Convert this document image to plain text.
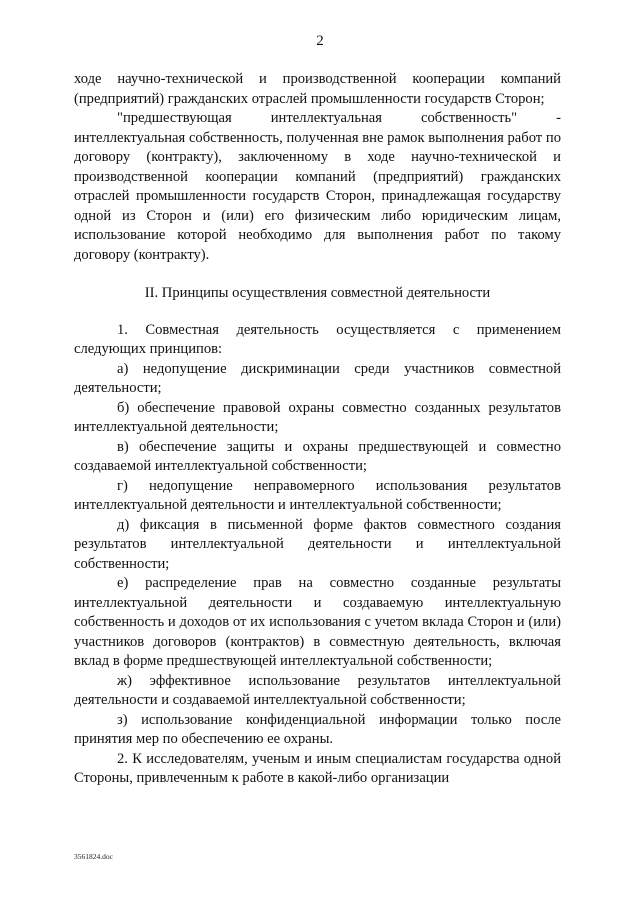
2

ходе научно-технической и производственной кооперации компаний (предприятий) гражданских отраслей промышленности государств Сторон;

"предшествующая интеллектуальная собственность" - интеллектуальная собственность, полученная вне рамок выполнения работ по договору (контракту), заключенному в ходе научно-технической и производственной кооперации компаний (предприятий) гражданских отраслей промышленности государств Сторон, принадлежащая государству одной из Сторон и (или) его физическим либо юридическим лицам, использование которой необходимо для выполнения работ по такому договору (контракту).

II. Принципы осуществления совместной деятельности

1. Совместная деятельность осуществляется с применением следующих принципов:

а) недопущение дискриминации среди участников совместной деятельности;

б) обеспечение правовой охраны совместно созданных результатов интеллектуальной деятельности;

в) обеспечение защиты и охраны предшествующей и совместно создаваемой интеллектуальной собственности;

г) недопущение неправомерного использования результатов интеллектуальной деятельности и интеллектуальной собственности;

д) фиксация в письменной форме фактов совместного создания результатов интеллектуальной деятельности и интеллектуальной собственности;

е) распределение прав на совместно созданные результаты интеллектуальной деятельности и создаваемую интеллектуальную собственность и доходов от их использования с учетом вклада Сторон и (или) участников договоров (контрактов) в совместную деятельность, включая вклад в форме предшествующей интеллектуальной собственности;

ж) эффективное использование результатов интеллектуальной деятельности и создаваемой интеллектуальной собственности;

з) использование конфиденциальной информации только после принятия мер по обеспечению ее охраны.

2. К исследователям, ученым и иным специалистам государства одной Стороны, привлеченным к работе в какой-либо организации

3561824.doc
